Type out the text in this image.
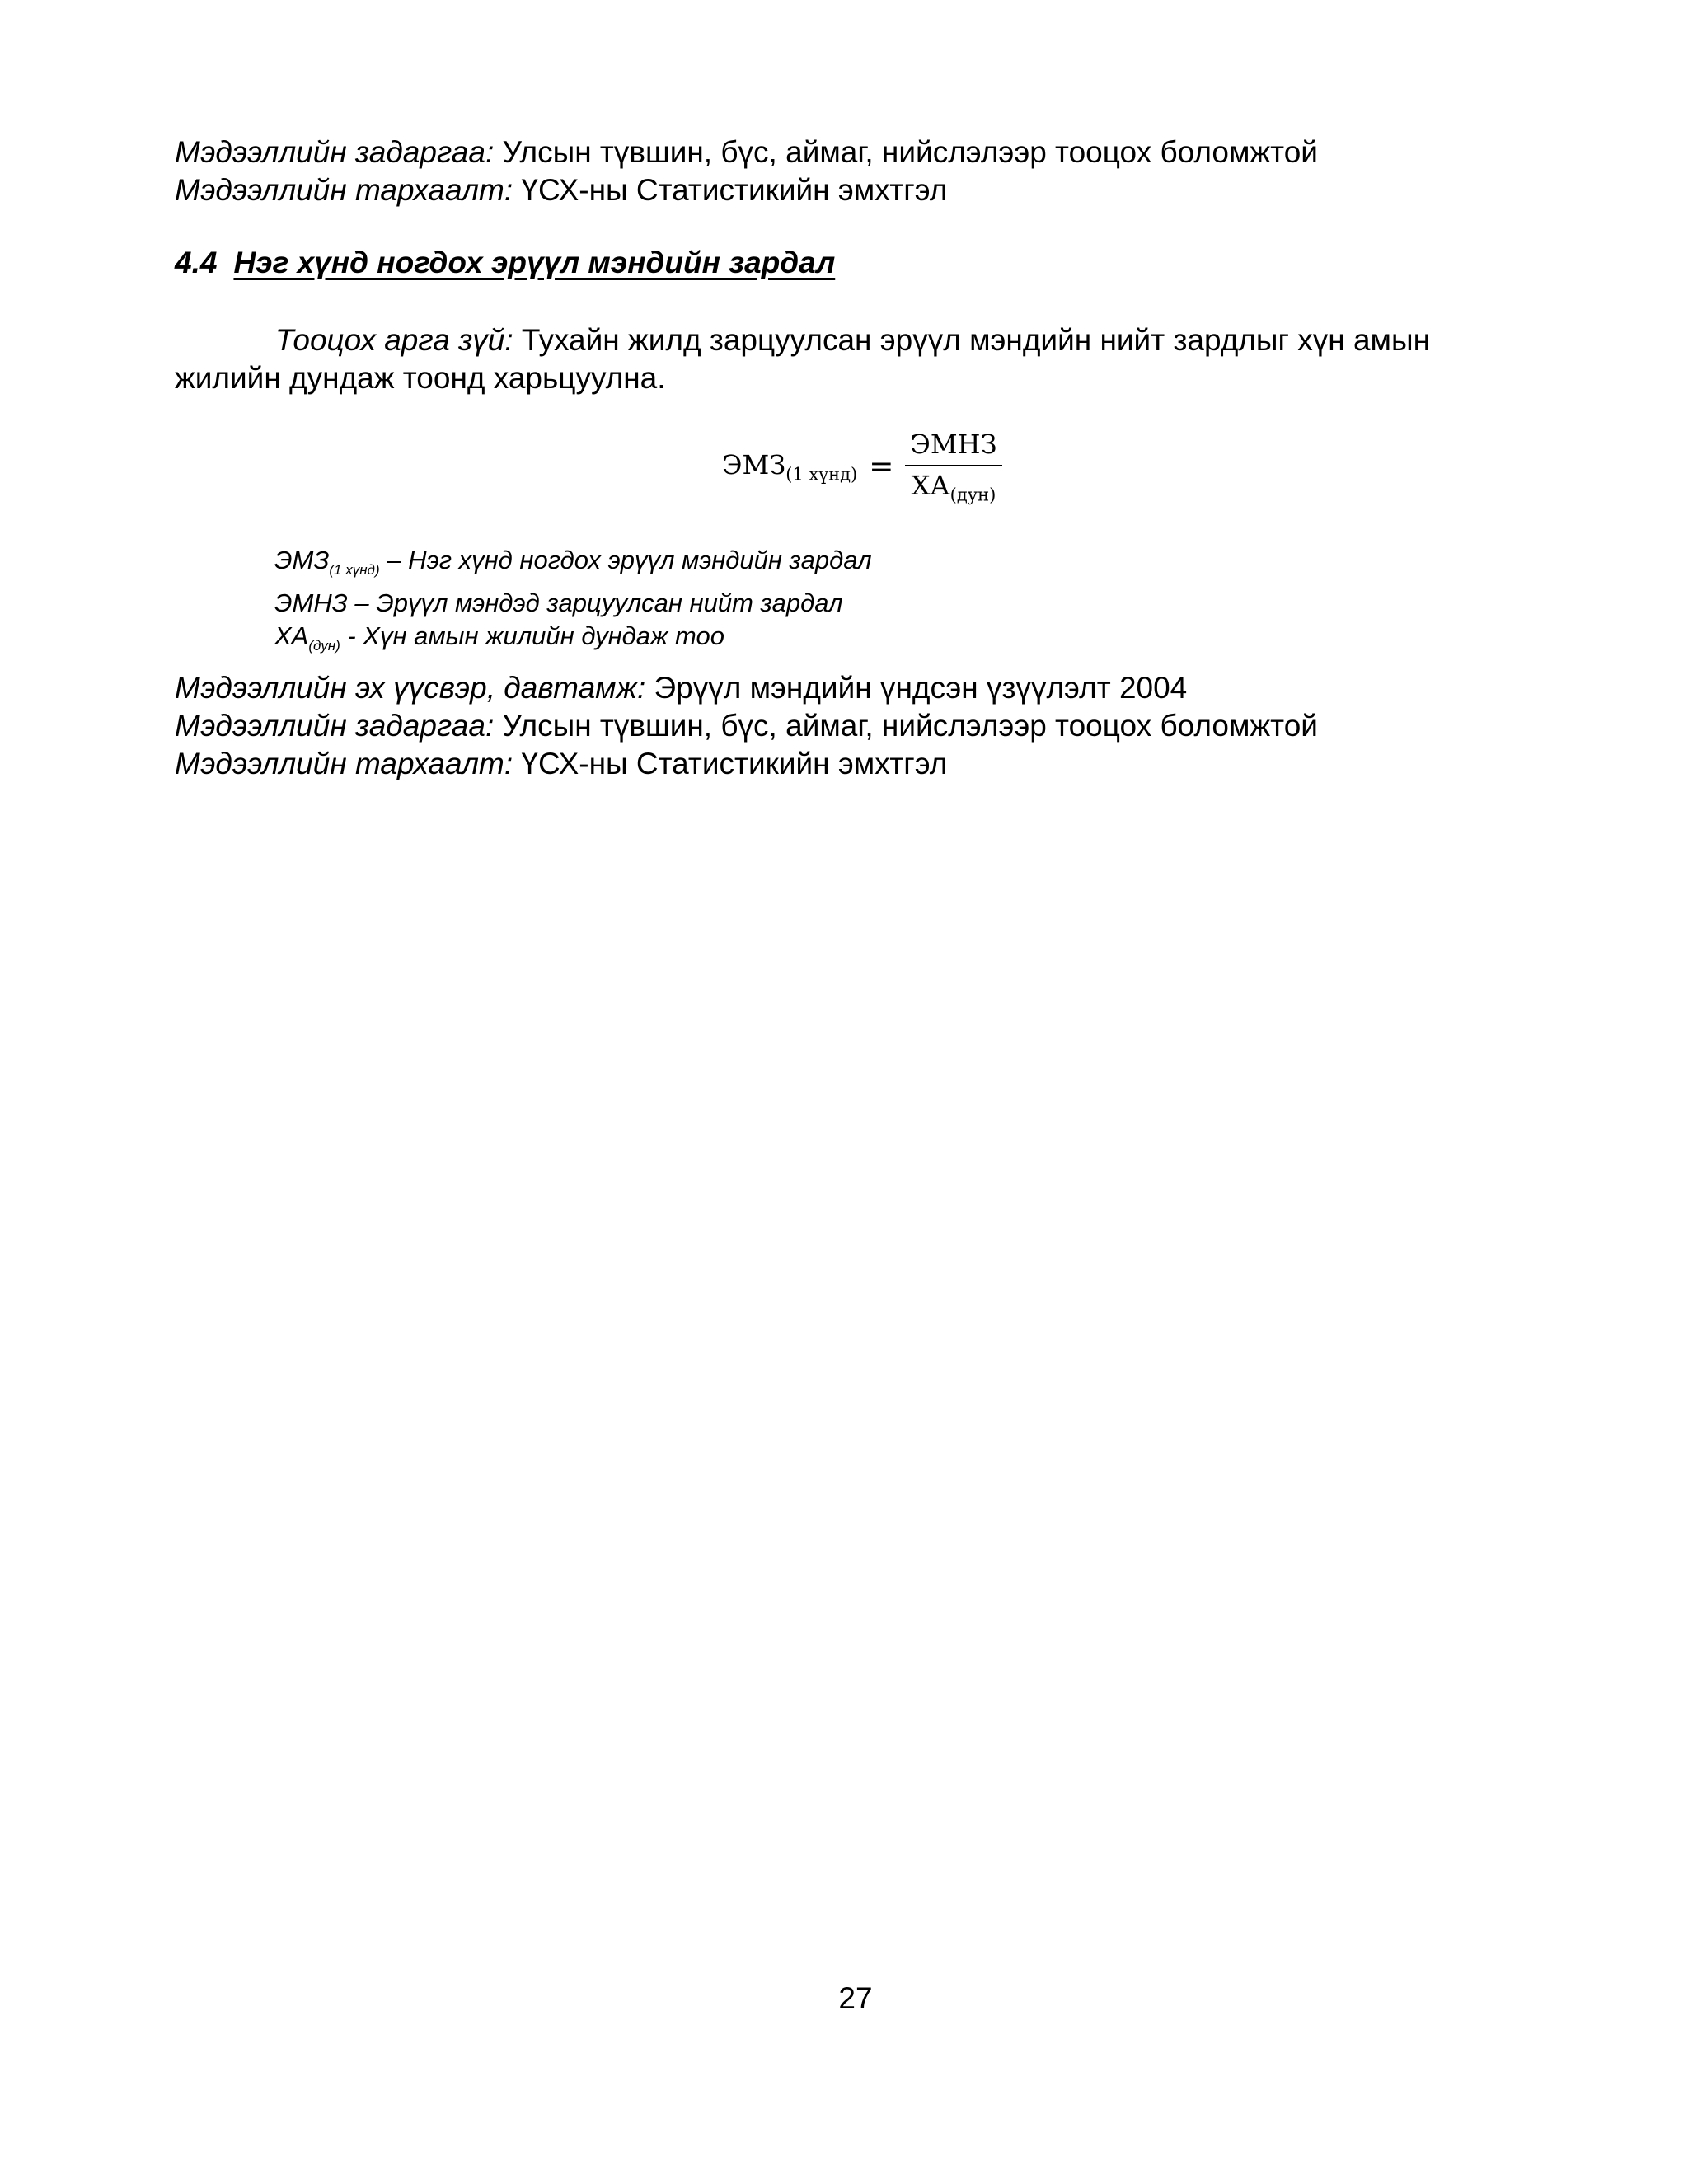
Мэдээллийн задаргаа: Улсын түвшин, бүс, аймаг, нийслэлээр тооцох боломжтой
Мэдээллийн тархаалт: ҮСХ-ны Статистикийн эмхтгэл
4.4 Нэг хүнд ногдох эрүүл мэндийн зардал
Тооцох арга зүй: Тухайн жилд зарцуулсан эрүүл мэндийн нийт зардлыг хүн амын жилийн дундаж тоонд харьцуулна.
$ЭМЗ_{(1 хүнд)} = \frac{\text{ЭМНЗ}}{ХА_{(дун)}}$
$ЭМЗ_{(1 хүнд)}$ – Нэг хүнд ногдох эрүүл мэндийн зардал
ЭМНЗ – Эрүүл мэндэд зарцуулсан нийт зардал
$ХА_{(дун)}$ - Хүн амын жилийн дундаж тоо
Мэдээллийн эх үүсвэр, давтамж: Эрүүл мэндийн үндсэн үзүүлэлт 2004
Мэдээллийн задаргаа: Улсын түвшин, бүс, аймаг, нийслэлээр тооцох боломжтой
Мэдээллийн тархаалт: ҮСХ-ны Статистикийн эмхтгэл
27
